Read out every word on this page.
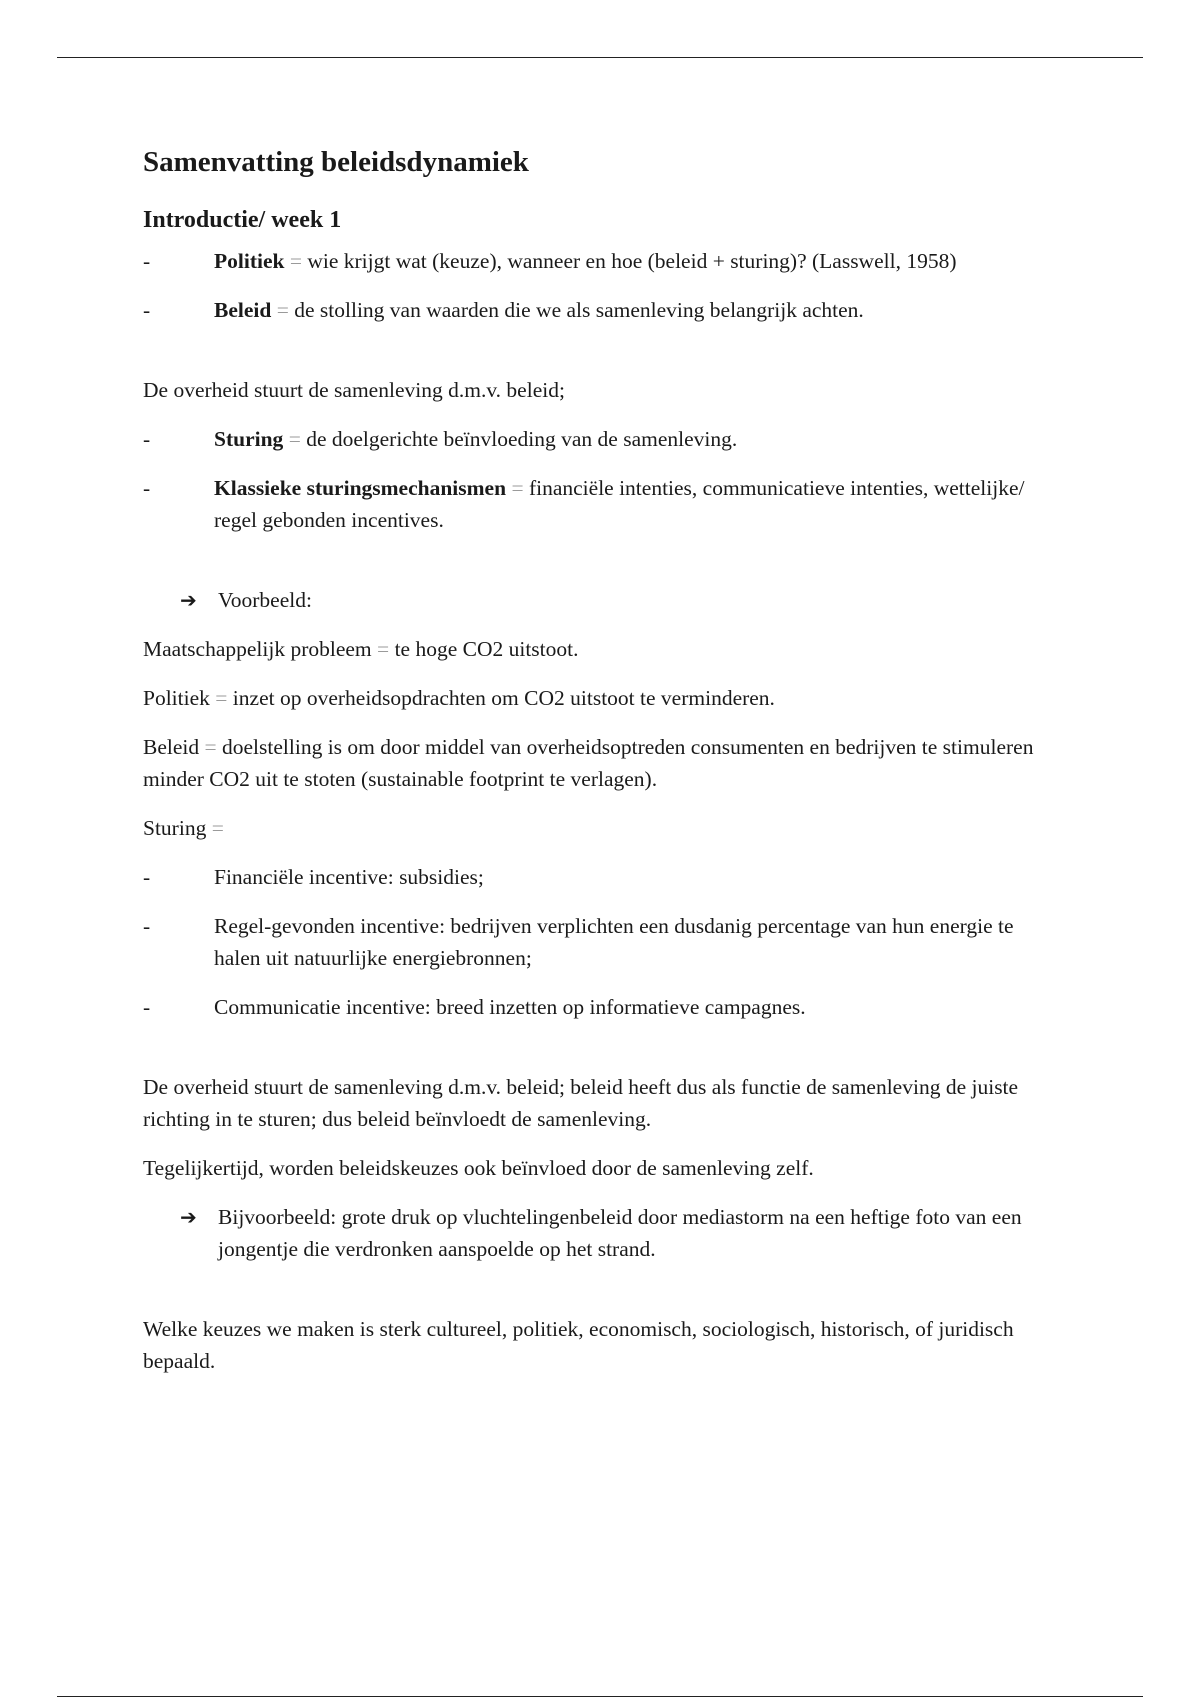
Samenvatting beleidsdynamiek
Introductie/ week 1
-	Politiek = wie krijgt wat (keuze), wanneer en hoe (beleid + sturing)? (Lasswell, 1958)
-	Beleid = de stolling van waarden die we als samenleving belangrijk achten.
De overheid stuurt de samenleving d.m.v. beleid;
-	Sturing = de doelgerichte beïnvloeding van de samenleving.
-	Klassieke sturingsmechanismen = financiële intenties, communicatieve intenties, wettelijke/ regel gebonden incentives.
➔ Voorbeeld:
Maatschappelijk probleem = te hoge CO2 uitstoot.
Politiek = inzet op overheidsopdrachten om CO2 uitstoot te verminderen.
Beleid = doelstelling is om door middel van overheidsoptreden consumenten en bedrijven te stimuleren minder CO2 uit te stoten (sustainable footprint te verlagen).
Sturing =
-	Financiële incentive: subsidies;
-	Regel-gevonden incentive: bedrijven verplichten een dusdanig percentage van hun energie te halen uit natuurlijke energiebronnen;
-	Communicatie incentive: breed inzetten op informatieve campagnes.
De overheid stuurt de samenleving d.m.v. beleid; beleid heeft dus als functie de samenleving de juiste richting in te sturen; dus beleid beïnvloedt de samenleving.
Tegelijkertijd, worden beleidskeuzes ook beïnvloed door de samenleving zelf.
➔ Bijvoorbeeld: grote druk op vluchtelingenbeleid door mediastorm na een heftige foto van een jongentje die verdronken aanspoelde op het strand.
Welke keuzes we maken is sterk cultureel, politiek, economisch, sociologisch, historisch, of juridisch bepaald.
